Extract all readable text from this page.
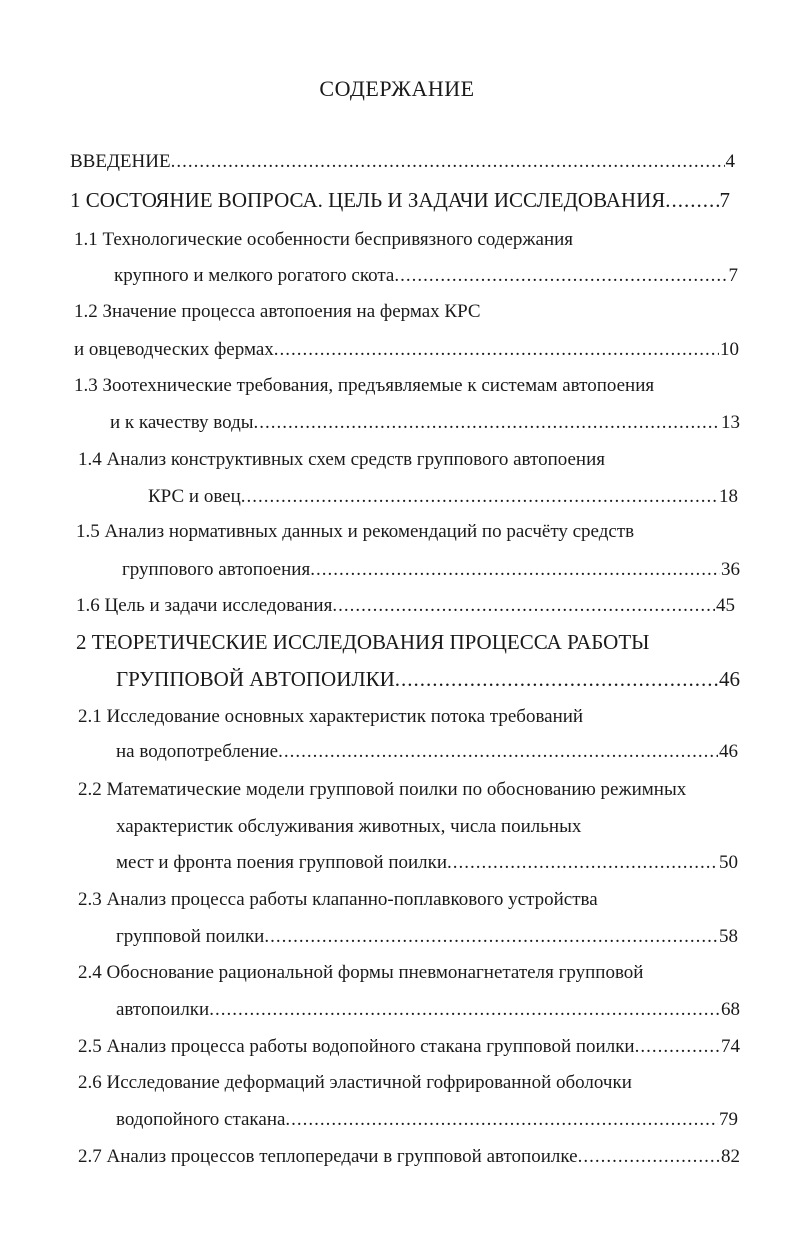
СОДЕРЖАНИЕ
ВВЕДЕНИЕ .....	4
1 СОСТОЯНИЕ ВОПРОСА. ЦЕЛЬ И ЗАДАЧИ ИССЛЕДОВАНИЯ .....	7
1.1 Технологические особенности беспривязного содержания
крупного и мелкого рогатого скота .....	7
1.2 Значение процесса автопоения на фермах КРС
и овцеводческих фермах .....	10
1.3 Зоотехнические требования, предъявляемые к системам автопоения
и к качеству воды .....	13
1.4 Анализ конструктивных схем средств группового автопоения
КРС и овец .....	18
1.5 Анализ нормативных данных и рекомендаций по расчёту средств
группового автопоения .....	36
1.6 Цель и задачи исследования .....	45
2 ТЕОРЕТИЧЕСКИЕ ИССЛЕДОВАНИЯ ПРОЦЕССА РАБОТЫ
ГРУППОВОЙ АВТОПОИЛКИ .....	46
2.1 Исследование основных характеристик потока требований
на водопотребление .....	46
2.2 Математические модели групповой поилки по обоснованию режимных
характеристик обслуживания животных, числа поильных
мест и фронта поения групповой поилки .....	50
2.3 Анализ процесса работы клапанно-поплавкового устройства
групповой поилки .....	58
2.4 Обоснование рациональной формы пневмонагнетателя групповой
автопоилки .....	68
2.5 Анализ процесса работы водопойного стакана групповой поилки .....	74
2.6 Исследование деформаций эластичной гофрированной оболочки
водопойного стакана .....	79
2.7 Анализ процессов теплопередачи в групповой автопоилке .....	82
